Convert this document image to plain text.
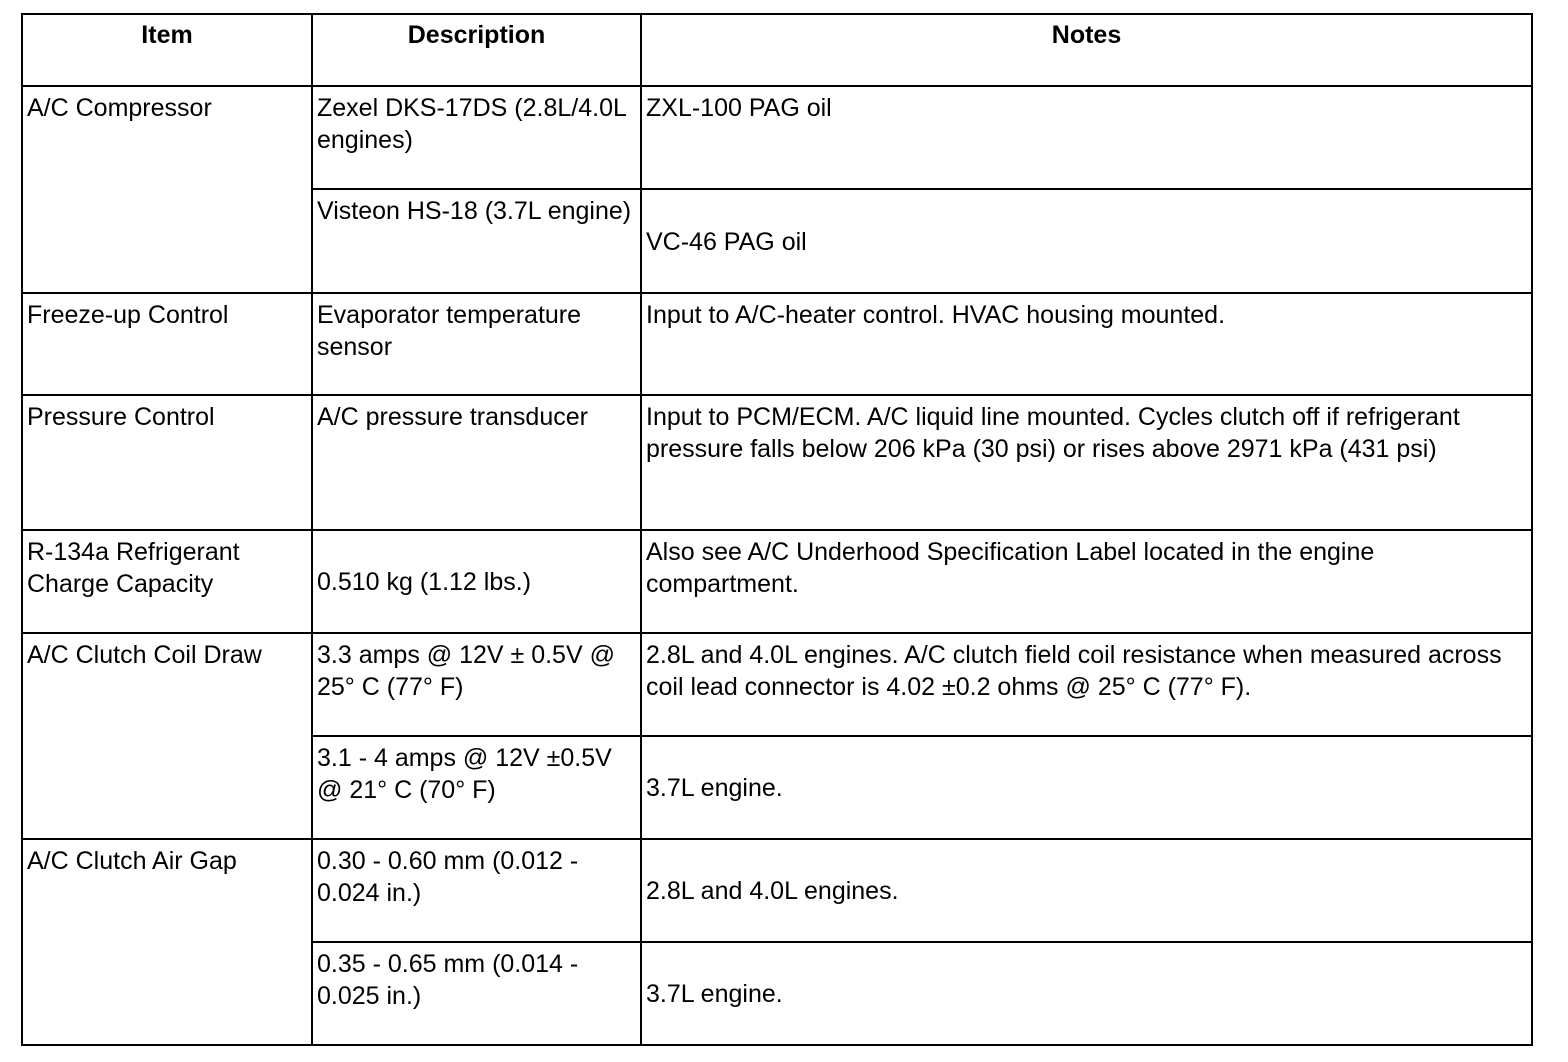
Item	Description	Notes
A/C Compressor	Zexel DKS-17DS (2.8L/4.0L engines)	ZXL-100 PAG oil
	Visteon HS-18 (3.7L engine)	VC-46 PAG oil
Freeze-up Control	Evaporator temperature sensor	Input to A/C-heater control. HVAC housing mounted.
Pressure Control	A/C pressure transducer	Input to PCM/ECM. A/C liquid line mounted. Cycles clutch off if refrigerant pressure falls below 206 kPa (30 psi) or rises above 2971 kPa (431 psi)
R-134a Refrigerant Charge Capacity	0.510 kg (1.12 lbs.)	Also see A/C Underhood Specification Label located in the engine compartment.
A/C Clutch Coil Draw	3.3 amps @ 12V ± 0.5V @ 25° C (77° F)	2.8L and 4.0L engines. A/C clutch field coil resistance when measured across coil lead connector is 4.02 ±0.2 ohms @ 25° C (77° F).
	3.1 - 4 amps @ 12V ±0.5V @ 21° C (70° F)	3.7L engine.
A/C Clutch Air Gap	0.30 - 0.60 mm (0.012 - 0.024 in.)	2.8L and 4.0L engines.
	0.35 - 0.65 mm (0.014 - 0.025 in.)	3.7L engine.
